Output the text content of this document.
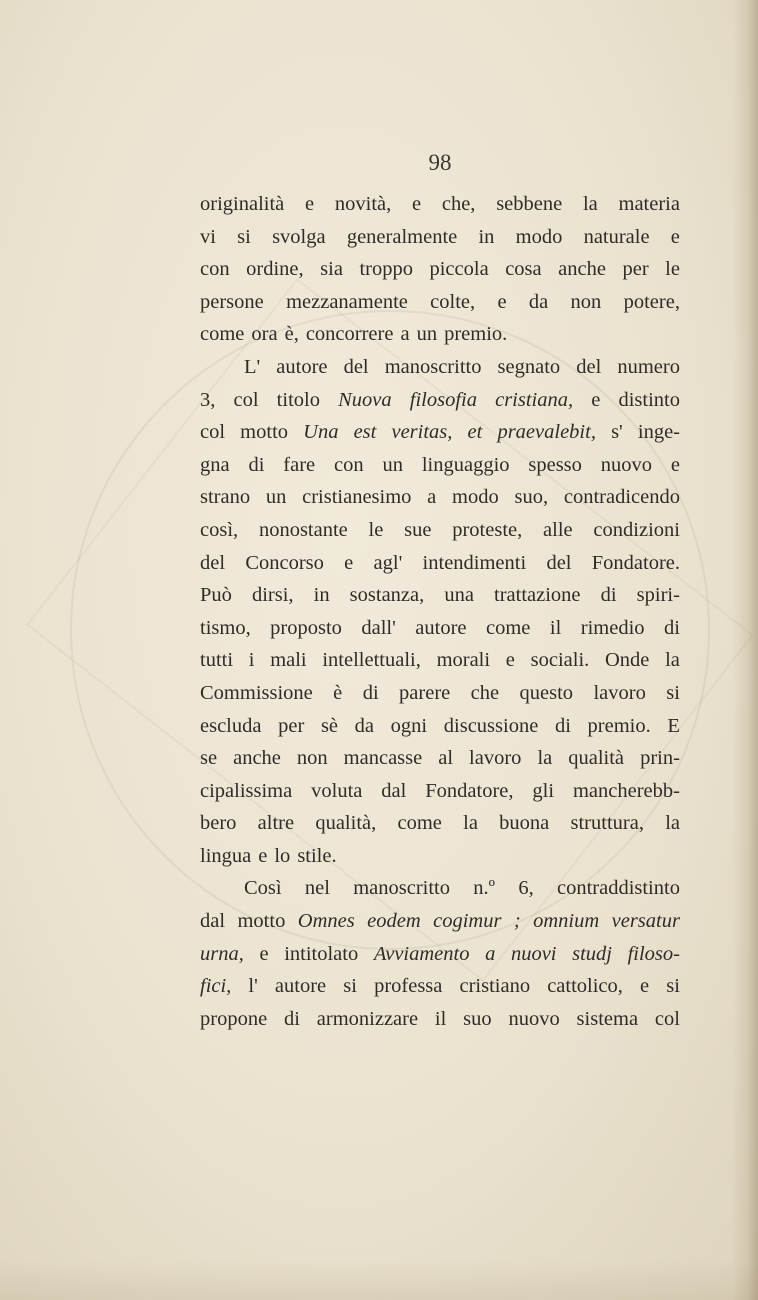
98
originalità e novità, e che, sebbene la materia
vi si svolga generalmente in modo naturale e
con ordine, sia troppo piccola cosa anche per le
persone mezzanamente colte, e da non potere,
come ora è, concorrere a un premio.
L' autore del manoscritto segnato del numero
3, col titolo Nuova filosofia cristiana, e distinto
col motto Una est veritas, et praevalebit, s' inge-
gna di fare con un linguaggio spesso nuovo e
strano un cristianesimo a modo suo, contradicendo
così, nonostante le sue proteste, alle condizioni
del Concorso e agl' intendimenti del Fondatore.
Può dirsi, in sostanza, una trattazione di spiri-
tismo, proposto dall' autore come il rimedio di
tutti i mali intellettuali, morali e sociali. Onde la
Commissione è di parere che questo lavoro si
escluda per sè da ogni discussione di premio. E
se anche non mancasse al lavoro la qualità prin-
cipalissima voluta dal Fondatore, gli mancherebb-
bero altre qualità, come la buona struttura, la
lingua e lo stile.
Così nel manoscritto n.º 6, contraddistinto
dal motto Omnes eodem cogimur ; omnium versatur
urna, e intitolato Avviamento a nuovi studj filoso-
fici, l' autore si professa cristiano cattolico, e si
propone di armonizzare il suo nuovo sistema col
